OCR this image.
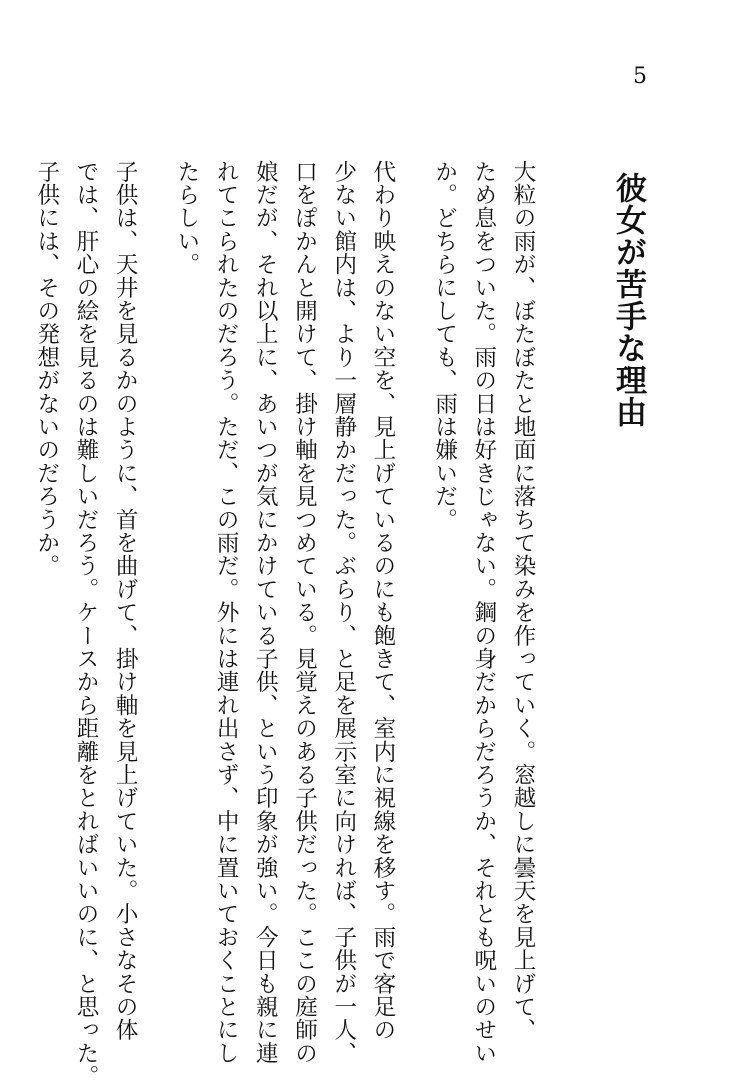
5
彼女が苦手な理由
大粒の雨が、ぼたぼたと地面に落ちて染みを作っていく。窓越しに曇天を見上げて、
ため息をついた。雨の日は好きじゃない。鋼の身だからだろうか、それとも呪いのせい
か。どちらにしても、雨は嫌いだ。
代わり映えのない空を、見上げているのにも飽きて、室内に視線を移す。雨で客足の
少ない館内は、より一層静かだった。ぶらり、と足を展示室に向ければ、子供が一人、
口をぽかんと開けて、掛け軸を見つめている。見覚えのある子供だった。ここの庭師の
娘だが、それ以上に、あいつが気にかけている子供、という印象が強い。今日も親に連
れてこられたのだろう。ただ、この雨だ。外には連れ出さず、中に置いておくことにし
たらしい。
子供は、天井を見るかのように、首を曲げて、掛け軸を見上げていた。小さなその体
では、肝心の絵を見るのは難しいだろう。ケースから距離をとればいいのに、と思った。
子供には、その発想がないのだろうか。
